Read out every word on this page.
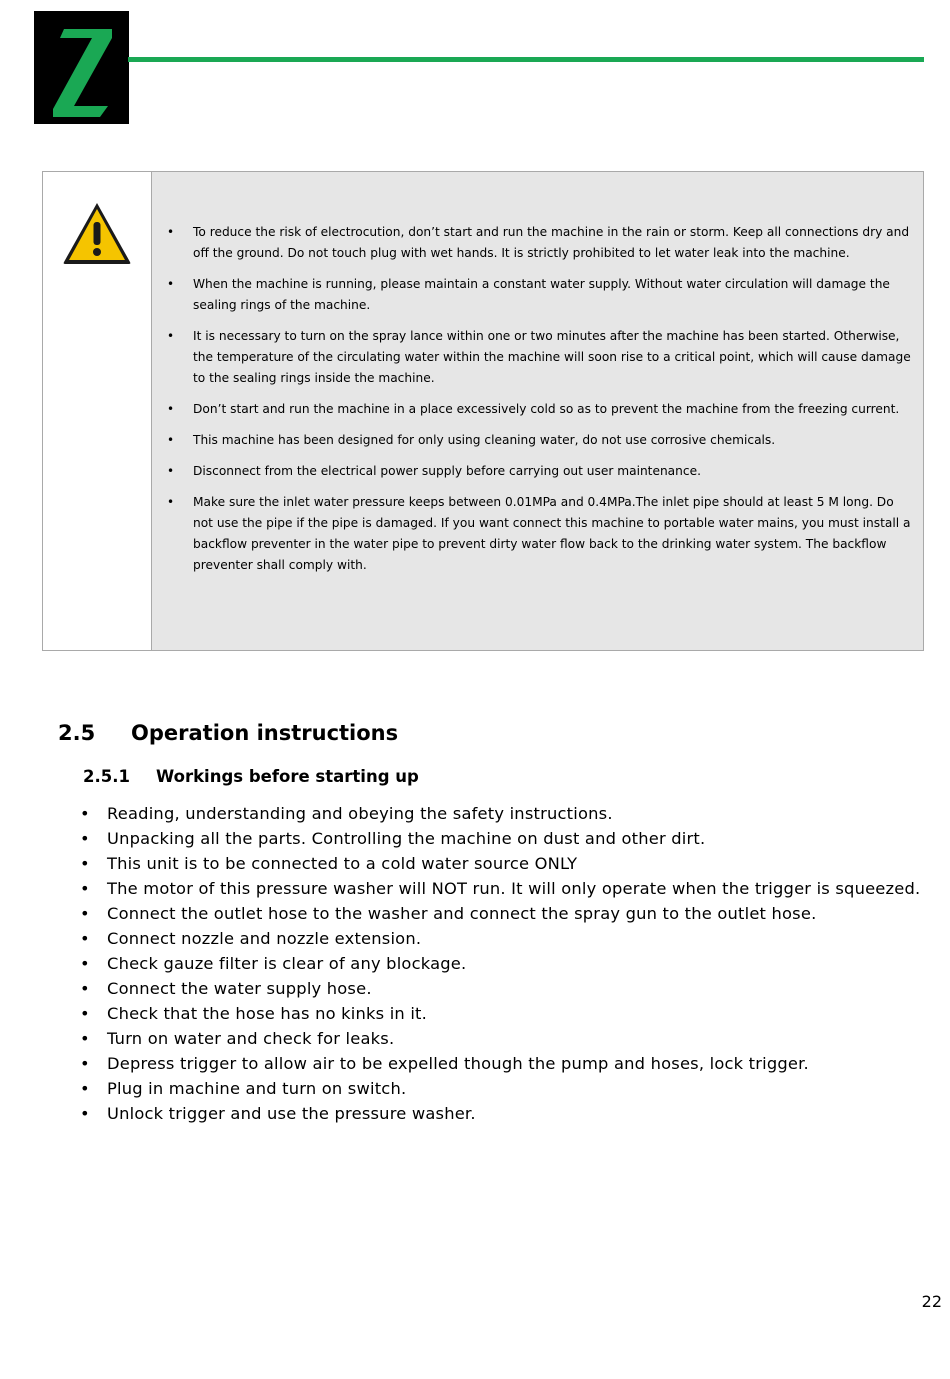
• To reduce the risk of electrocution, don’t start and run the machine in the rain or storm. Keep all connections dry and off the ground. Do not touch plug with wet hands. It is strictly prohibited to let water leak into the machine.
• When the machine is running, please maintain a constant water supply. Without water circulation will damage the sealing rings of the machine.
• It is necessary to turn on the spray lance within one or two minutes after the machine has been started. Otherwise, the temperature of the circulating water within the machine will soon rise to a critical point, which will cause damage to the sealing rings inside the machine.
• Don’t start and run the machine in a place excessively cold so as to prevent the machine from the freezing current.
• This machine has been designed for only using cleaning water, do not use corrosive chemicals.
• Disconnect from the electrical power supply before carrying out user maintenance.
• Make sure the inlet water pressure keeps between 0.01MPa and 0.4MPa.The inlet pipe should at least 5 M long. Do not use the pipe if the pipe is damaged. If you want connect this machine to portable water mains, you must install a backflow preventer in the water pipe to prevent dirty water flow back to the drinking water system. The backflow preventer shall comply with.
2.5 Operation instructions
2.5.1 Workings before starting up
• Reading, understanding and obeying the safety instructions.
• Unpacking all the parts. Controlling the machine on dust and other dirt.
• This unit is to be connected to a cold water source ONLY
• The motor of this pressure washer will NOT run. It will only operate when the trigger is squeezed.
• Connect the outlet hose to the washer and connect the spray gun to the outlet hose.
• Connect nozzle and nozzle extension.
• Check gauze filter is clear of any blockage.
• Connect the water supply hose.
• Check that the hose has no kinks in it.
• Turn on water and check for leaks.
• Depress trigger to allow air to be expelled though the pump and hoses, lock trigger.
• Plug in machine and turn on switch.
• Unlock trigger and use the pressure washer.
22
